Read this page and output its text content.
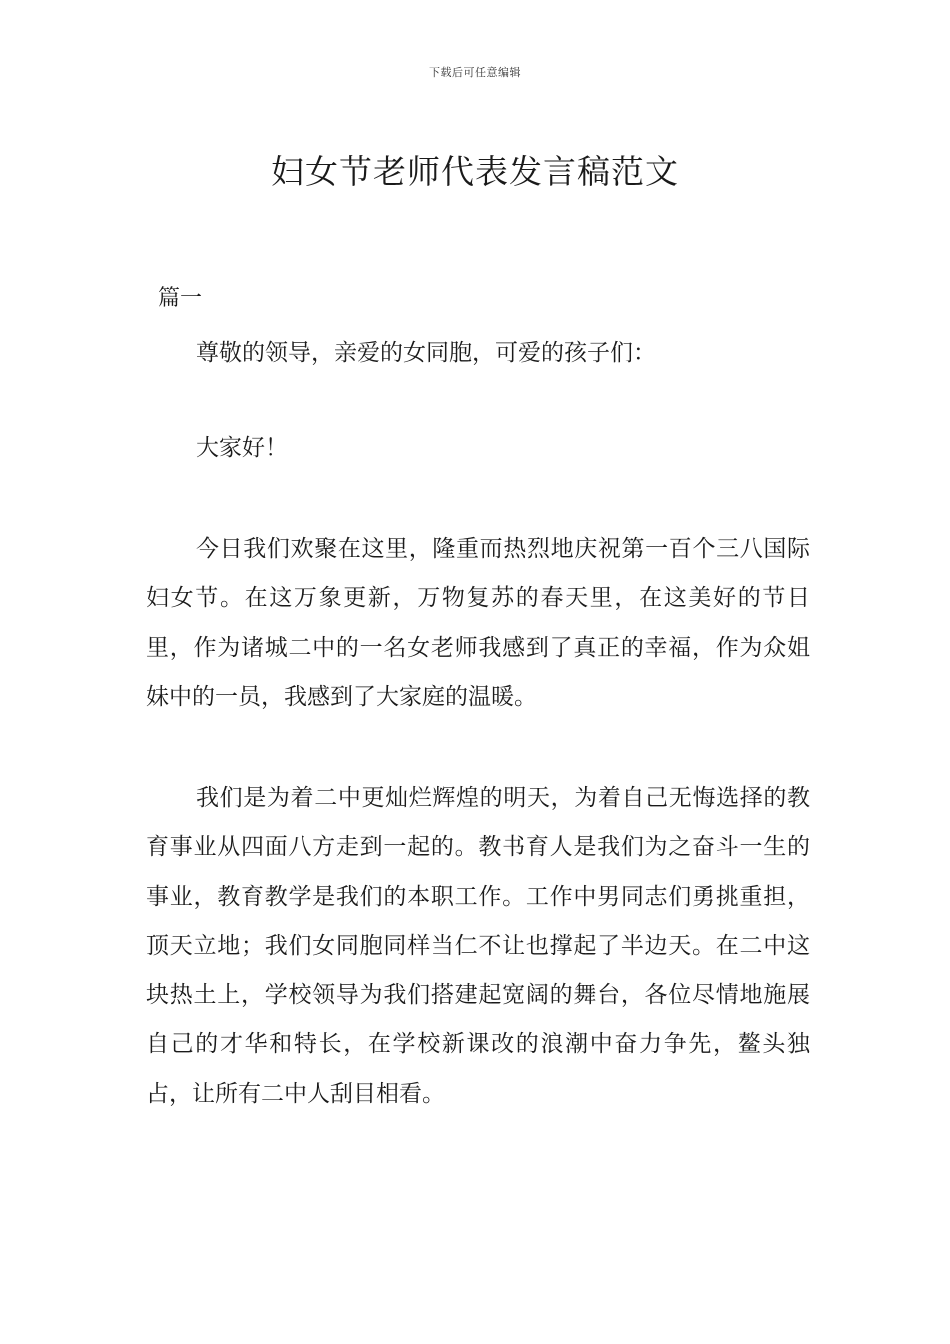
下载后可任意编辑
妇女节老师代表发言稿范文
篇一

尊敬的领导，亲爱的女同胞，可爱的孩子们：

大家好！

今日我们欢聚在这里，隆重而热烈地庆祝第一百个三八国际妇女节。在这万象更新，万物复苏的春天里，在这美好的节日里，作为诸城二中的一名女老师我感到了真正的幸福，作为众姐妹中的一员，我感到了大家庭的温暖。

我们是为着二中更灿烂辉煌的明天，为着自己无悔选择的教育事业从四面八方走到一起的。教书育人是我们为之奋斗一生的事业，教育教学是我们的本职工作。工作中男同志们勇挑重担，顶天立地；我们女同胞同样当仁不让也撑起了半边天。在二中这块热土上，学校领导为我们搭建起宽阔的舞台，各位尽情地施展自己的才华和特长，在学校新课改的浪潮中奋力争先，鳌头独占，让所有二中人刮目相看。
